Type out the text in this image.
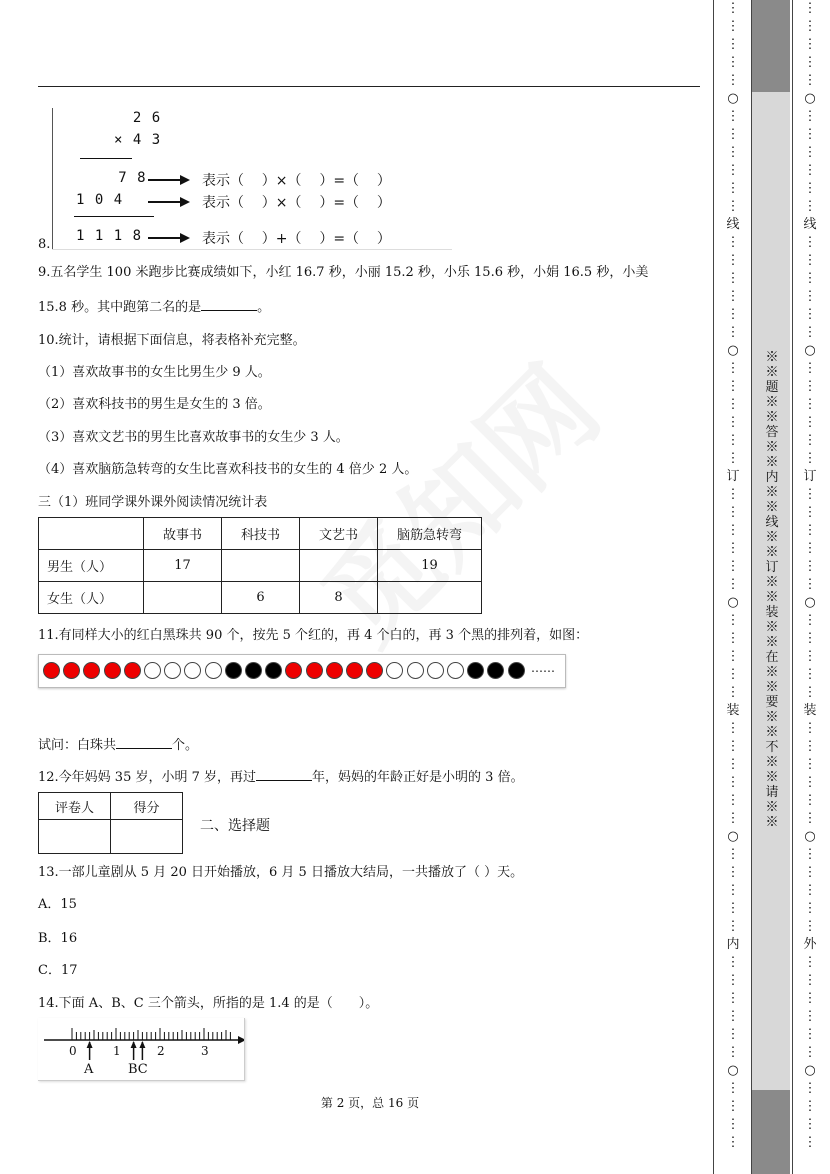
8.
2 6
× 4 3
7 8
1 0 4
1 1 1 8
表示（    ）×（    ）=（    ）
表示（    ）×（    ）=（    ）
表示（    ）+（    ）=（    ）
9.五名学生 100 米跑步比赛成绩如下，小红 16.7 秒，小丽 15.2 秒，小乐 15.6 秒，小娟 16.5 秒，小美
15.8 秒。其中跑第二名的是	。
10.统计，请根据下面信息，将表格补充完整。
（1）喜欢故事书的女生比男生少 9 人。
（2）喜欢科技书的男生是女生的 3 倍。
（3）喜欢文艺书的男生比喜欢故事书的女生少 3 人。
（4）喜欢脑筋急转弯的女生比喜欢科技书的女生的 4 倍少 2 人。
三（1）班同学课外课外阅读情况统计表
	故事书	科技书	文艺书	脑筋急转弯
男生（人）	17			19
女生（人）		6	8	
11.有同样大小的红白黑珠共 90 个，按先 5 个红的，再 4 个白的，再 3 个黑的排列着，如图：
……
试问：白珠共	个。
12.今年妈妈 35 岁，小明 7 岁，再过	年，妈妈的年龄正好是小明的 3 倍。
评卷人	得分

二、选择题
13.一部儿童剧从 5 月 20 日开始播放，6 月 5 日播放大结局，一共播放了（ ）天。
A．15
B．16
C．17
14.下面 A、B、C 三个箭头，所指的是 1.4 的是（　　）。
0	1	2	3
A	BC
第 2 页，总 16 页
※※题※※答※※内※※线※※订※※装※※在※※要※※不※※请※※
⋮
⋮
⋮
⋮
⋮
○
⋮
⋮
⋮
⋮
⋮
⋮
线
⋮
⋮
⋮
⋮
⋮
⋮
○
⋮
⋮
⋮
⋮
⋮
⋮
订
⋮
⋮
⋮
⋮
⋮
⋮
○
⋮
⋮
⋮
⋮
⋮
装
⋮
⋮
⋮
⋮
⋮
⋮
○
⋮
⋮
⋮
⋮
⋮
内
⋮
⋮
⋮
⋮
⋮
⋮
○
⋮
⋮
⋮
⋮
⋮
⋮
⋮
⋮
⋮
○
⋮
⋮
⋮
⋮
⋮
⋮
线
⋮
⋮
⋮
⋮
⋮
⋮
○
⋮
⋮
⋮
⋮
⋮
⋮
订
⋮
⋮
⋮
⋮
⋮
⋮
○
⋮
⋮
⋮
⋮
⋮
装
⋮
⋮
⋮
⋮
⋮
⋮
○
⋮
⋮
⋮
⋮
⋮
外
⋮
⋮
⋮
⋮
⋮
⋮
○
⋮
⋮
⋮
⋮
